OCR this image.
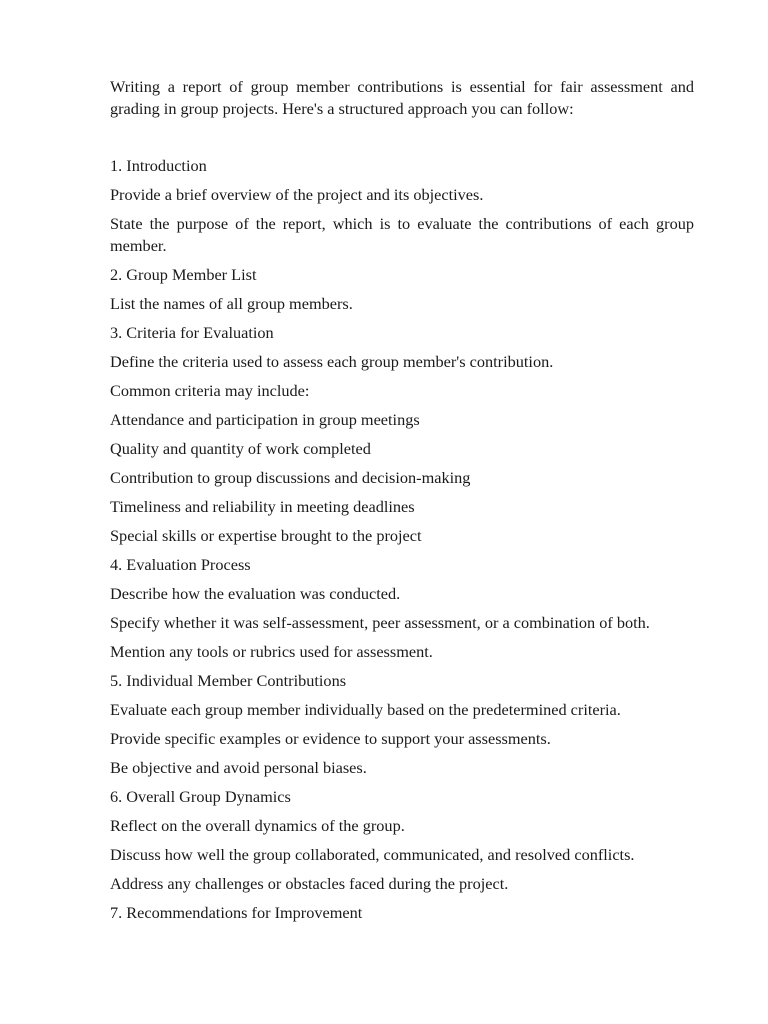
Writing a report of group member contributions is essential for fair assessment and grading in group projects. Here's a structured approach you can follow:

1. Introduction

Provide a brief overview of the project and its objectives.

State the purpose of the report, which is to evaluate the contributions of each group member.

2. Group Member List

List the names of all group members.

3. Criteria for Evaluation

Define the criteria used to assess each group member's contribution.

Common criteria may include:

Attendance and participation in group meetings

Quality and quantity of work completed

Contribution to group discussions and decision-making

Timeliness and reliability in meeting deadlines

Special skills or expertise brought to the project

4. Evaluation Process

Describe how the evaluation was conducted.

Specify whether it was self-assessment, peer assessment, or a combination of both.

Mention any tools or rubrics used for assessment.

5. Individual Member Contributions

Evaluate each group member individually based on the predetermined criteria.

Provide specific examples or evidence to support your assessments.

Be objective and avoid personal biases.

6. Overall Group Dynamics

Reflect on the overall dynamics of the group.

Discuss how well the group collaborated, communicated, and resolved conflicts.

Address any challenges or obstacles faced during the project.

7. Recommendations for Improvement
